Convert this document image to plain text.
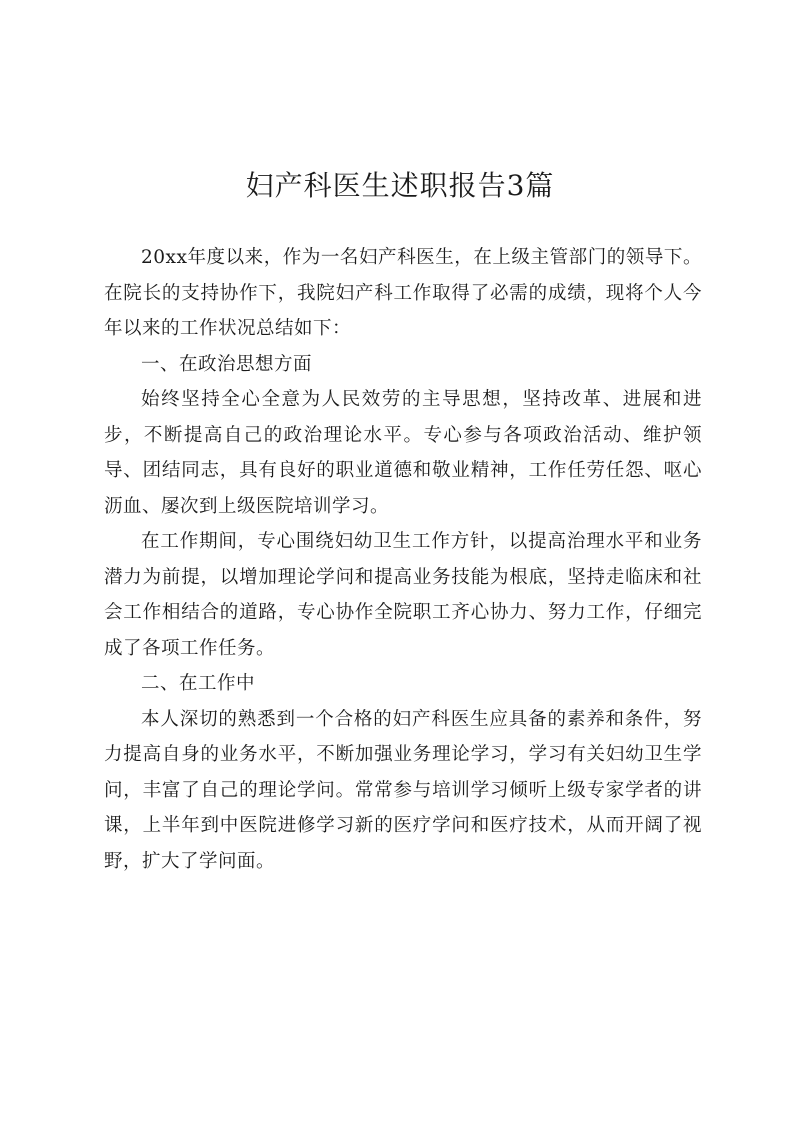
妇产科医生述职报告3篇

20xx年度以来，作为一名妇产科医生，在上级主管部门的领导下。在院长的支持协作下，我院妇产科工作取得了必需的成绩，现将个人今年以来的工作状况总结如下：

一、在政治思想方面

始终坚持全心全意为人民效劳的主导思想，坚持改革、进展和进步，不断提高自己的政治理论水平。专心参与各项政治活动、维护领导、团结同志，具有良好的职业道德和敬业精神，工作任劳任怨、呕心沥血、屡次到上级医院培训学习。

在工作期间，专心围绕妇幼卫生工作方针，以提高治理水平和业务潜力为前提，以增加理论学问和提高业务技能为根底，坚持走临床和社会工作相结合的道路，专心协作全院职工齐心协力、努力工作，仔细完成了各项工作任务。

二、在工作中

本人深切的熟悉到一个合格的妇产科医生应具备的素养和条件，努力提高自身的业务水平，不断加强业务理论学习，学习有关妇幼卫生学问，丰富了自己的理论学问。常常参与培训学习倾听上级专家学者的讲课，上半年到中医院进修学习新的医疗学问和医疗技术，从而开阔了视野，扩大了学问面。
